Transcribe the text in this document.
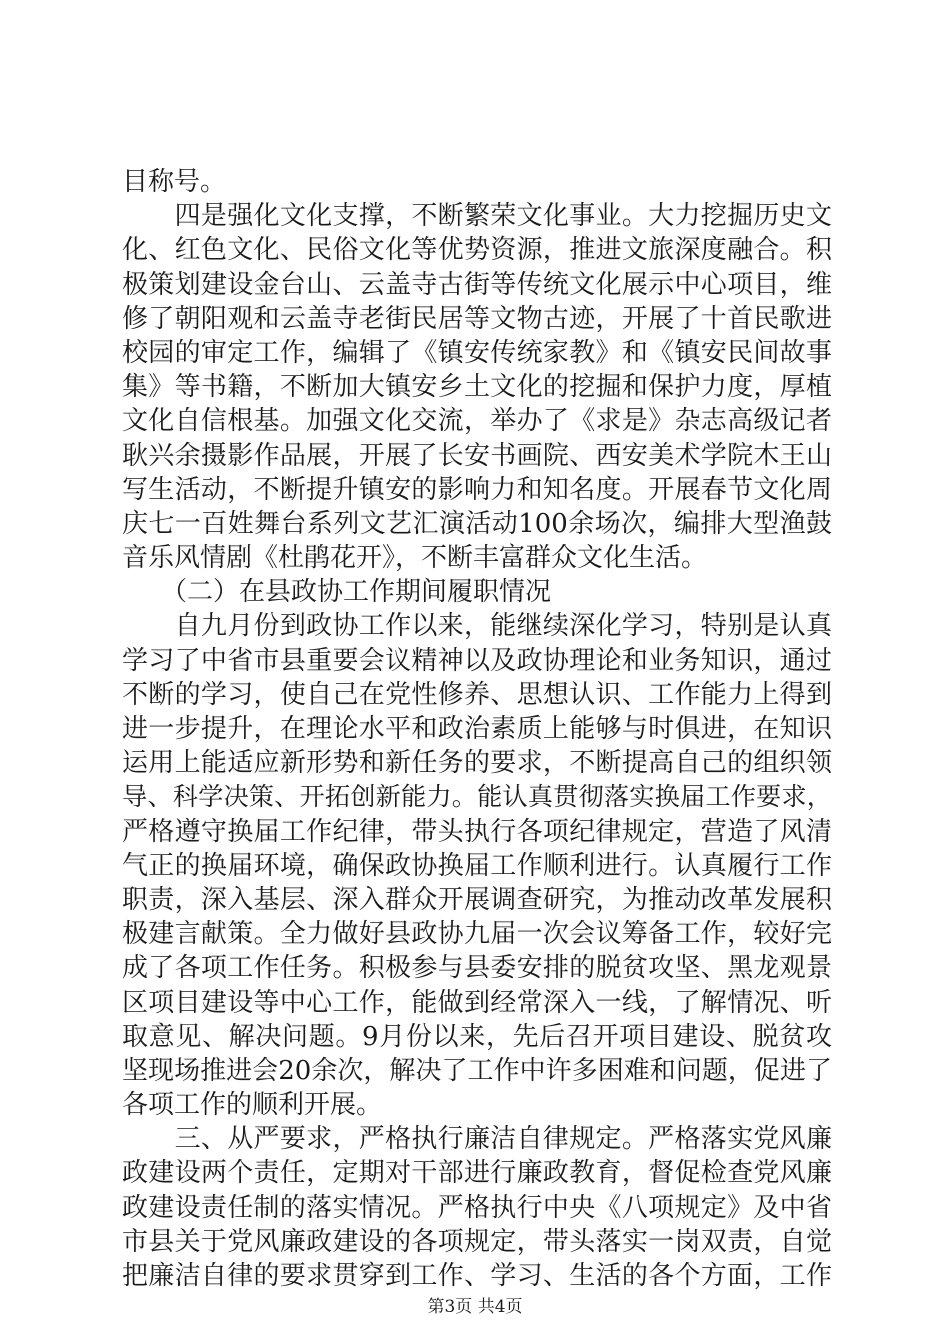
目称号。
　　四是强化文化支撑，不断繁荣文化事业。大力挖掘历史文
化、红色文化、民俗文化等优势资源，推进文旅深度融合。积
极策划建设金台山、云盖寺古街等传统文化展示中心项目，维
修了朝阳观和云盖寺老街民居等文物古迹，开展了十首民歌进
校园的审定工作，编辑了《镇安传统家教》和《镇安民间故事
集》等书籍，不断加大镇安乡土文化的挖掘和保护力度，厚植
文化自信根基。加强文化交流，举办了《求是》杂志高级记者
耿兴余摄影作品展，开展了长安书画院、西安美术学院木王山
写生活动，不断提升镇安的影响力和知名度。开展春节文化周
庆七一百姓舞台系列文艺汇演活动100余场次，编排大型渔鼓
音乐风情剧《杜鹃花开》，不断丰富群众文化生活。
　　（二）在县政协工作期间履职情况
　　自九月份到政协工作以来，能继续深化学习，特别是认真
学习了中省市县重要会议精神以及政协理论和业务知识，通过
不断的学习，使自己在党性修养、思想认识、工作能力上得到
进一步提升，在理论水平和政治素质上能够与时俱进，在知识
运用上能适应新形势和新任务的要求，不断提高自己的组织领
导、科学决策、开拓创新能力。能认真贯彻落实换届工作要求，
严格遵守换届工作纪律，带头执行各项纪律规定，营造了风清
气正的换届环境，确保政协换届工作顺利进行。认真履行工作
职责，深入基层、深入群众开展调查研究，为推动改革发展积
极建言献策。全力做好县政协九届一次会议筹备工作，较好完
成了各项工作任务。积极参与县委安排的脱贫攻坚、黑龙观景
区项目建设等中心工作，能做到经常深入一线，了解情况、听
取意见、解决问题。9月份以来，先后召开项目建设、脱贫攻
坚现场推进会20余次，解决了工作中许多困难和问题，促进了
各项工作的顺利开展。
　　三、从严要求，严格执行廉洁自律规定。严格落实党风廉
政建设两个责任，定期对干部进行廉政教育，督促检查党风廉
政建设责任制的落实情况。严格执行中央《八项规定》及中省
市县关于党风廉政建设的各项规定，带头落实一岗双责，自觉
把廉洁自律的要求贯穿到工作、学习、生活的各个方面，工作
第3页 共4页
